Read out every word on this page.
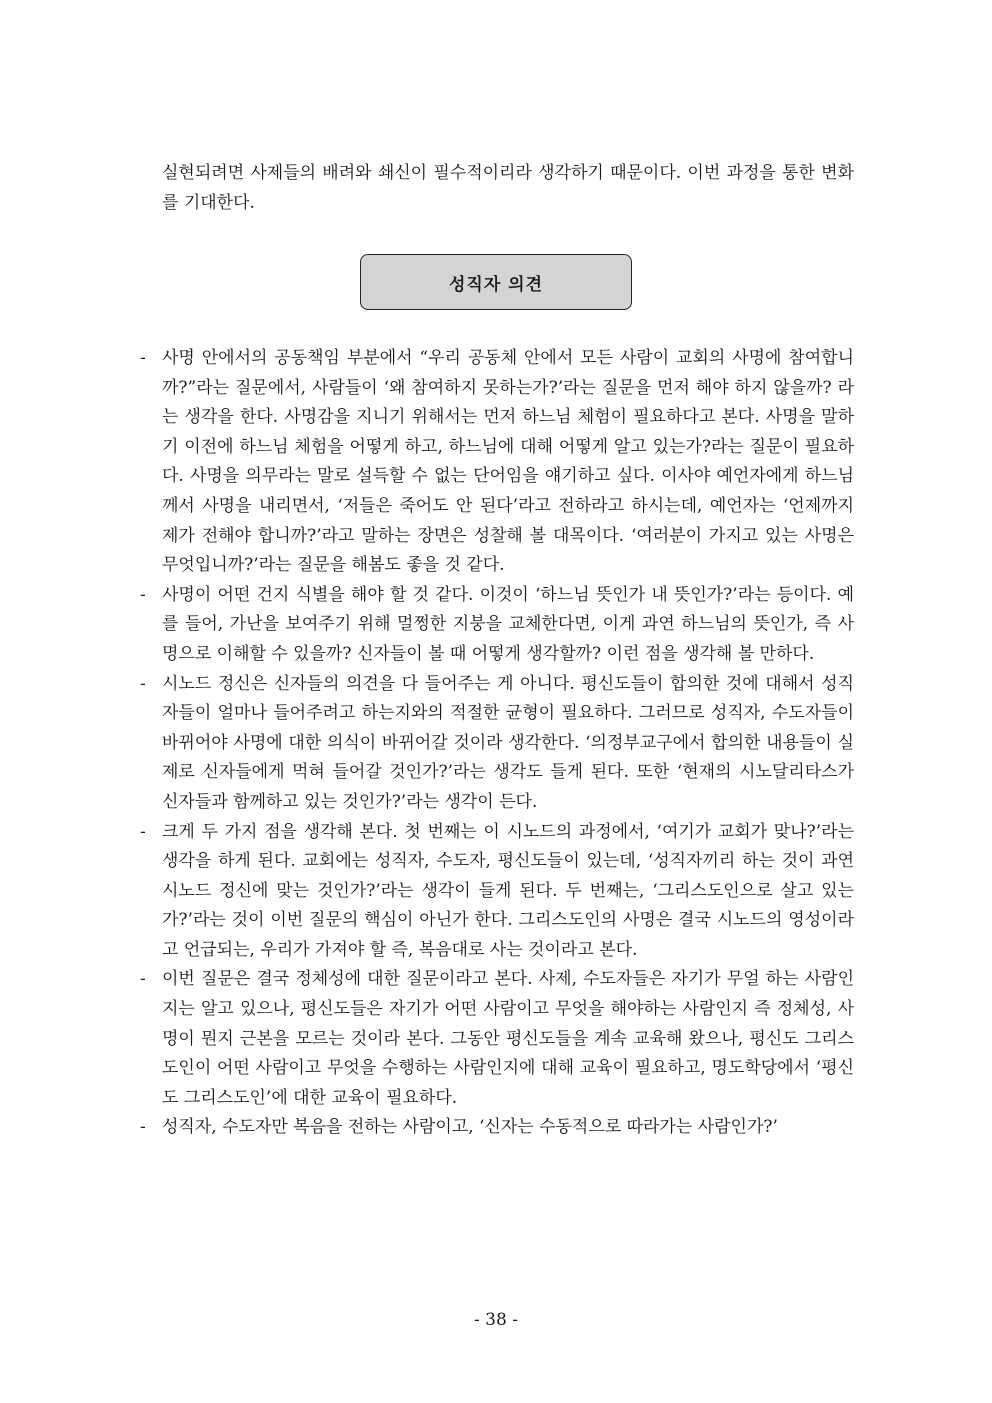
실현되려면 사제들의 배려와 쇄신이 필수적이리라 생각하기 때문이다. 이번 과정을 통한 변화를 기대한다.

성직자 의견
- 사명 안에서의 공동책임 부분에서 “우리 공동체 안에서 모든 사람이 교회의 사명에 참여합니까?”라는 질문에서, 사람들이 ‘왜 참여하지 못하는가?’라는 질문을 먼저 해야 하지 않을까? 라는 생각을 한다. 사명감을 지니기 위해서는 먼저 하느님 체험이 필요하다고 본다. 사명을 말하기 이전에 하느님 체험을 어떻게 하고, 하느님에 대해 어떻게 알고 있는가?라는 질문이 필요하다. 사명을 의무라는 말로 설득할 수 없는 단어임을 얘기하고 싶다. 이사야 예언자에게 하느님께서 사명을 내리면서, ‘저들은 죽어도 안 된다’라고 전하라고 하시는데, 예언자는 ‘언제까지 제가 전해야 합니까?’라고 말하는 장면은 성찰해 볼 대목이다. ‘여러분이 가지고 있는 사명은 무엇입니까?’라는 질문을 해봄도 좋을 것 같다.
- 사명이 어떤 건지 식별을 해야 할 것 같다. 이것이 ‘하느님 뜻인가 내 뜻인가?’라는 등이다. 예를 들어, 가난을 보여주기 위해 멀쩡한 지붕을 교체한다면, 이게 과연 하느님의 뜻인가, 즉 사명으로 이해할 수 있을까? 신자들이 볼 때 어떻게 생각할까? 이런 점을 생각해 볼 만하다.
- 시노드 정신은 신자들의 의견을 다 들어주는 게 아니다. 평신도들이 합의한 것에 대해서 성직자들이 얼마나 들어주려고 하는지와의 적절한 균형이 필요하다. 그러므로 성직자, 수도자들이 바뀌어야 사명에 대한 의식이 바뀌어갈 것이라 생각한다. ‘의정부교구에서 합의한 내용들이 실제로 신자들에게 먹혀 들어갈 것인가?’라는 생각도 들게 된다. 또한 ‘현재의 시노달리타스가 신자들과 함께하고 있는 것인가?’라는 생각이 든다.
- 크게 두 가지 점을 생각해 본다. 첫 번째는 이 시노드의 과정에서, ‘여기가 교회가 맞나?’라는 생각을 하게 된다. 교회에는 성직자, 수도자, 평신도들이 있는데, ‘성직자끼리 하는 것이 과연 시노드 정신에 맞는 것인가?’라는 생각이 들게 된다. 두 번째는, ‘그리스도인으로 살고 있는가?’라는 것이 이번 질문의 핵심이 아닌가 한다. 그리스도인의 사명은 결국 시노드의 영성이라고 언급되는, 우리가 가져야 할 즉, 복음대로 사는 것이라고 본다.
- 이번 질문은 결국 정체성에 대한 질문이라고 본다. 사제, 수도자들은 자기가 무얼 하는 사람인지는 알고 있으나, 평신도들은 자기가 어떤 사람이고 무엇을 해야하는 사람인지 즉 정체성, 사명이 뭔지 근본을 모르는 것이라 본다. 그동안 평신도들을 계속 교육해 왔으나, 평신도 그리스도인이 어떤 사람이고 무엇을 수행하는 사람인지에 대해 교육이 필요하고, 명도학당에서 ‘평신도 그리스도인’에 대한 교육이 필요하다.
- 성직자, 수도자만 복음을 전하는 사람이고, ‘신자는 수동적으로 따라가는 사람인가?’
- 38 -
